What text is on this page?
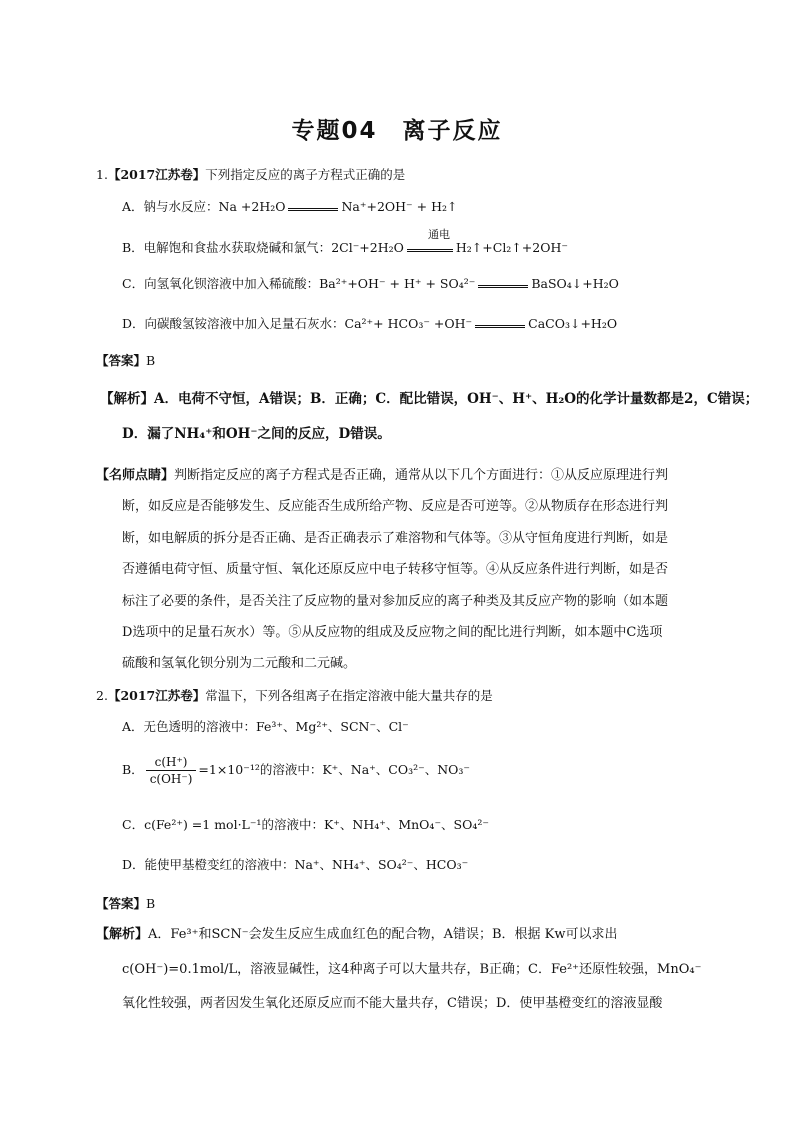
专题04　离子反应
1.【2017江苏卷】下列指定反应的离子方程式正确的是
A．钠与水反应：Na +2H₂O	Na⁺+2OH⁻ + H₂↑
通电
B．电解饱和食盐水获取烧碱和氯气：2Cl⁻+2H₂O	H₂↑+Cl₂↑+2OH⁻
C．向氢氧化钡溶液中加入稀硫酸：Ba²⁺+OH⁻ + H⁺ + SO₄²⁻	BaSO₄↓+H₂O
D．向碳酸氢铵溶液中加入足量石灰水：Ca²⁺+ HCO₃⁻ +OH⁻	CaCO₃↓+H₂O
【答案】B
【解析】A．电荷不守恒，A错误；B．正确；C．配比错误，OH⁻、H⁺、H₂O的化学计量数都是2，C错误；
D．漏了NH₄⁺和OH⁻之间的反应，D错误。
【名师点睛】判断指定反应的离子方程式是否正确，通常从以下几个方面进行：①从反应原理进行判
断，如反应是否能够发生、反应能否生成所给产物、反应是否可逆等。②从物质存在形态进行判
断，如电解质的拆分是否正确、是否正确表示了难溶物和气体等。③从守恒角度进行判断，如是
否遵循电荷守恒、质量守恒、氧化还原反应中电子转移守恒等。④从反应条件进行判断，如是否
标注了必要的条件，是否关注了反应物的量对参加反应的离子种类及其反应产物的影响（如本题
D选项中的足量石灰水）等。⑤从反应物的组成及反应物之间的配比进行判断，如本题中C选项
硫酸和氢氧化钡分别为二元酸和二元碱。
2.【2017江苏卷】常温下，下列各组离子在指定溶液中能大量共存的是
A．无色透明的溶液中：Fe³⁺、Mg²⁺、SCN⁻、Cl⁻
B． $\frac{c(H^+)}{c(OH^-)} =1\times 10^{-12}$的溶液中：K⁺、Na⁺、CO₃²⁻、NO₃⁻
C．c(Fe²⁺) =1 mol·L⁻¹的溶液中：K⁺、NH₄⁺、MnO₄⁻、SO₄²⁻
D．能使甲基橙变红的溶液中：Na⁺、NH₄⁺、SO₄²⁻、HCO₃⁻
【答案】B
【解析】A．Fe³⁺和SCN⁻会发生反应生成血红色的配合物，A错误；B．根据 Kw可以求出
c(OH⁻)=0.1mol/L，溶液显碱性，这4种离子可以大量共存，B正确；C．Fe²⁺还原性较强，MnO₄⁻
氧化性较强，两者因发生氧化还原反应而不能大量共存，C错误；D．使甲基橙变红的溶液显酸
